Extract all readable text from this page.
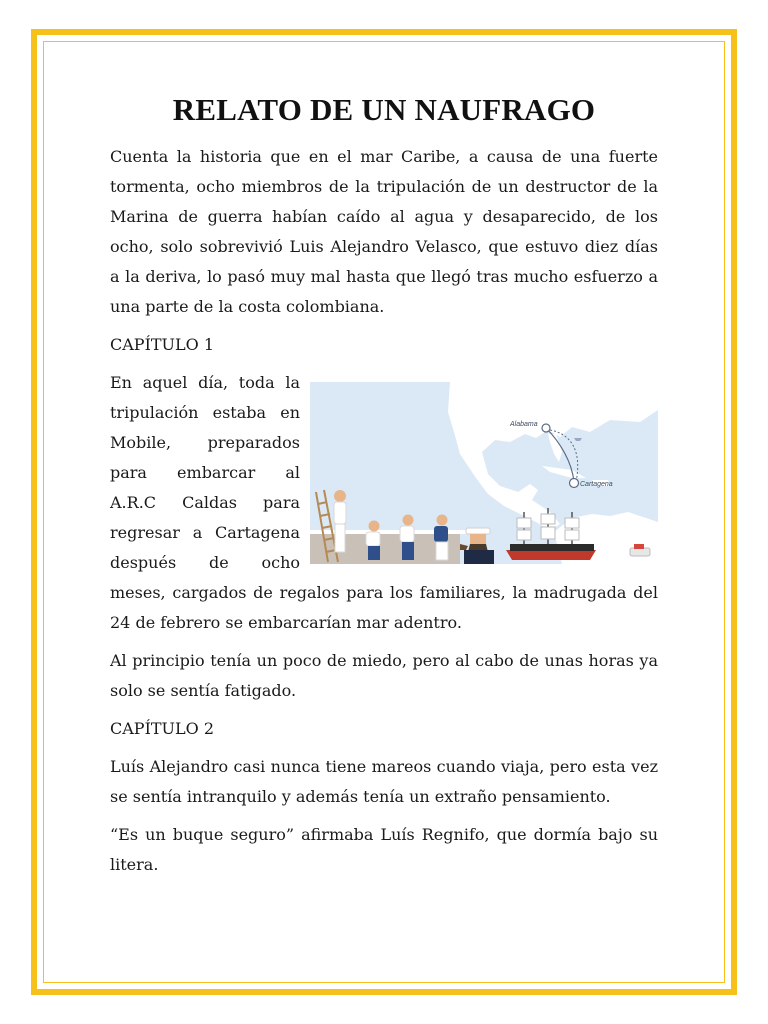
RELATO DE UN NAUFRAGO

Cuenta la historia que en el mar Caribe, a causa de una fuerte tormenta, ocho miembros de la tripulación de un destructor de la Marina de guerra habían caído al agua y desaparecido, de los ocho, solo sobrevivió Luis Alejandro Velasco, que estuvo diez días a la deriva, lo pasó muy mal hasta que llegó tras mucho esfuerzo a una parte de la costa colombiana.

CAPÍTULO 1

Alabama
Cartagena

En aquel día, toda la tripulación estaba en Mobile, preparados para embarcar al A.R.C Caldas para regresar a Cartagena después de ocho meses, cargados de regalos para los familiares, la madrugada del 24 de febrero se embarcarían mar adentro.

Al principio tenía un poco de miedo, pero al cabo de unas horas ya solo se sentía fatigado.

CAPÍTULO 2

Luís Alejandro casi nunca tiene mareos cuando viaja, pero esta vez se sentía intranquilo y además tenía un extraño pensamiento.

“Es un buque seguro” afirmaba Luís Regnifo, que dormía bajo su litera.
